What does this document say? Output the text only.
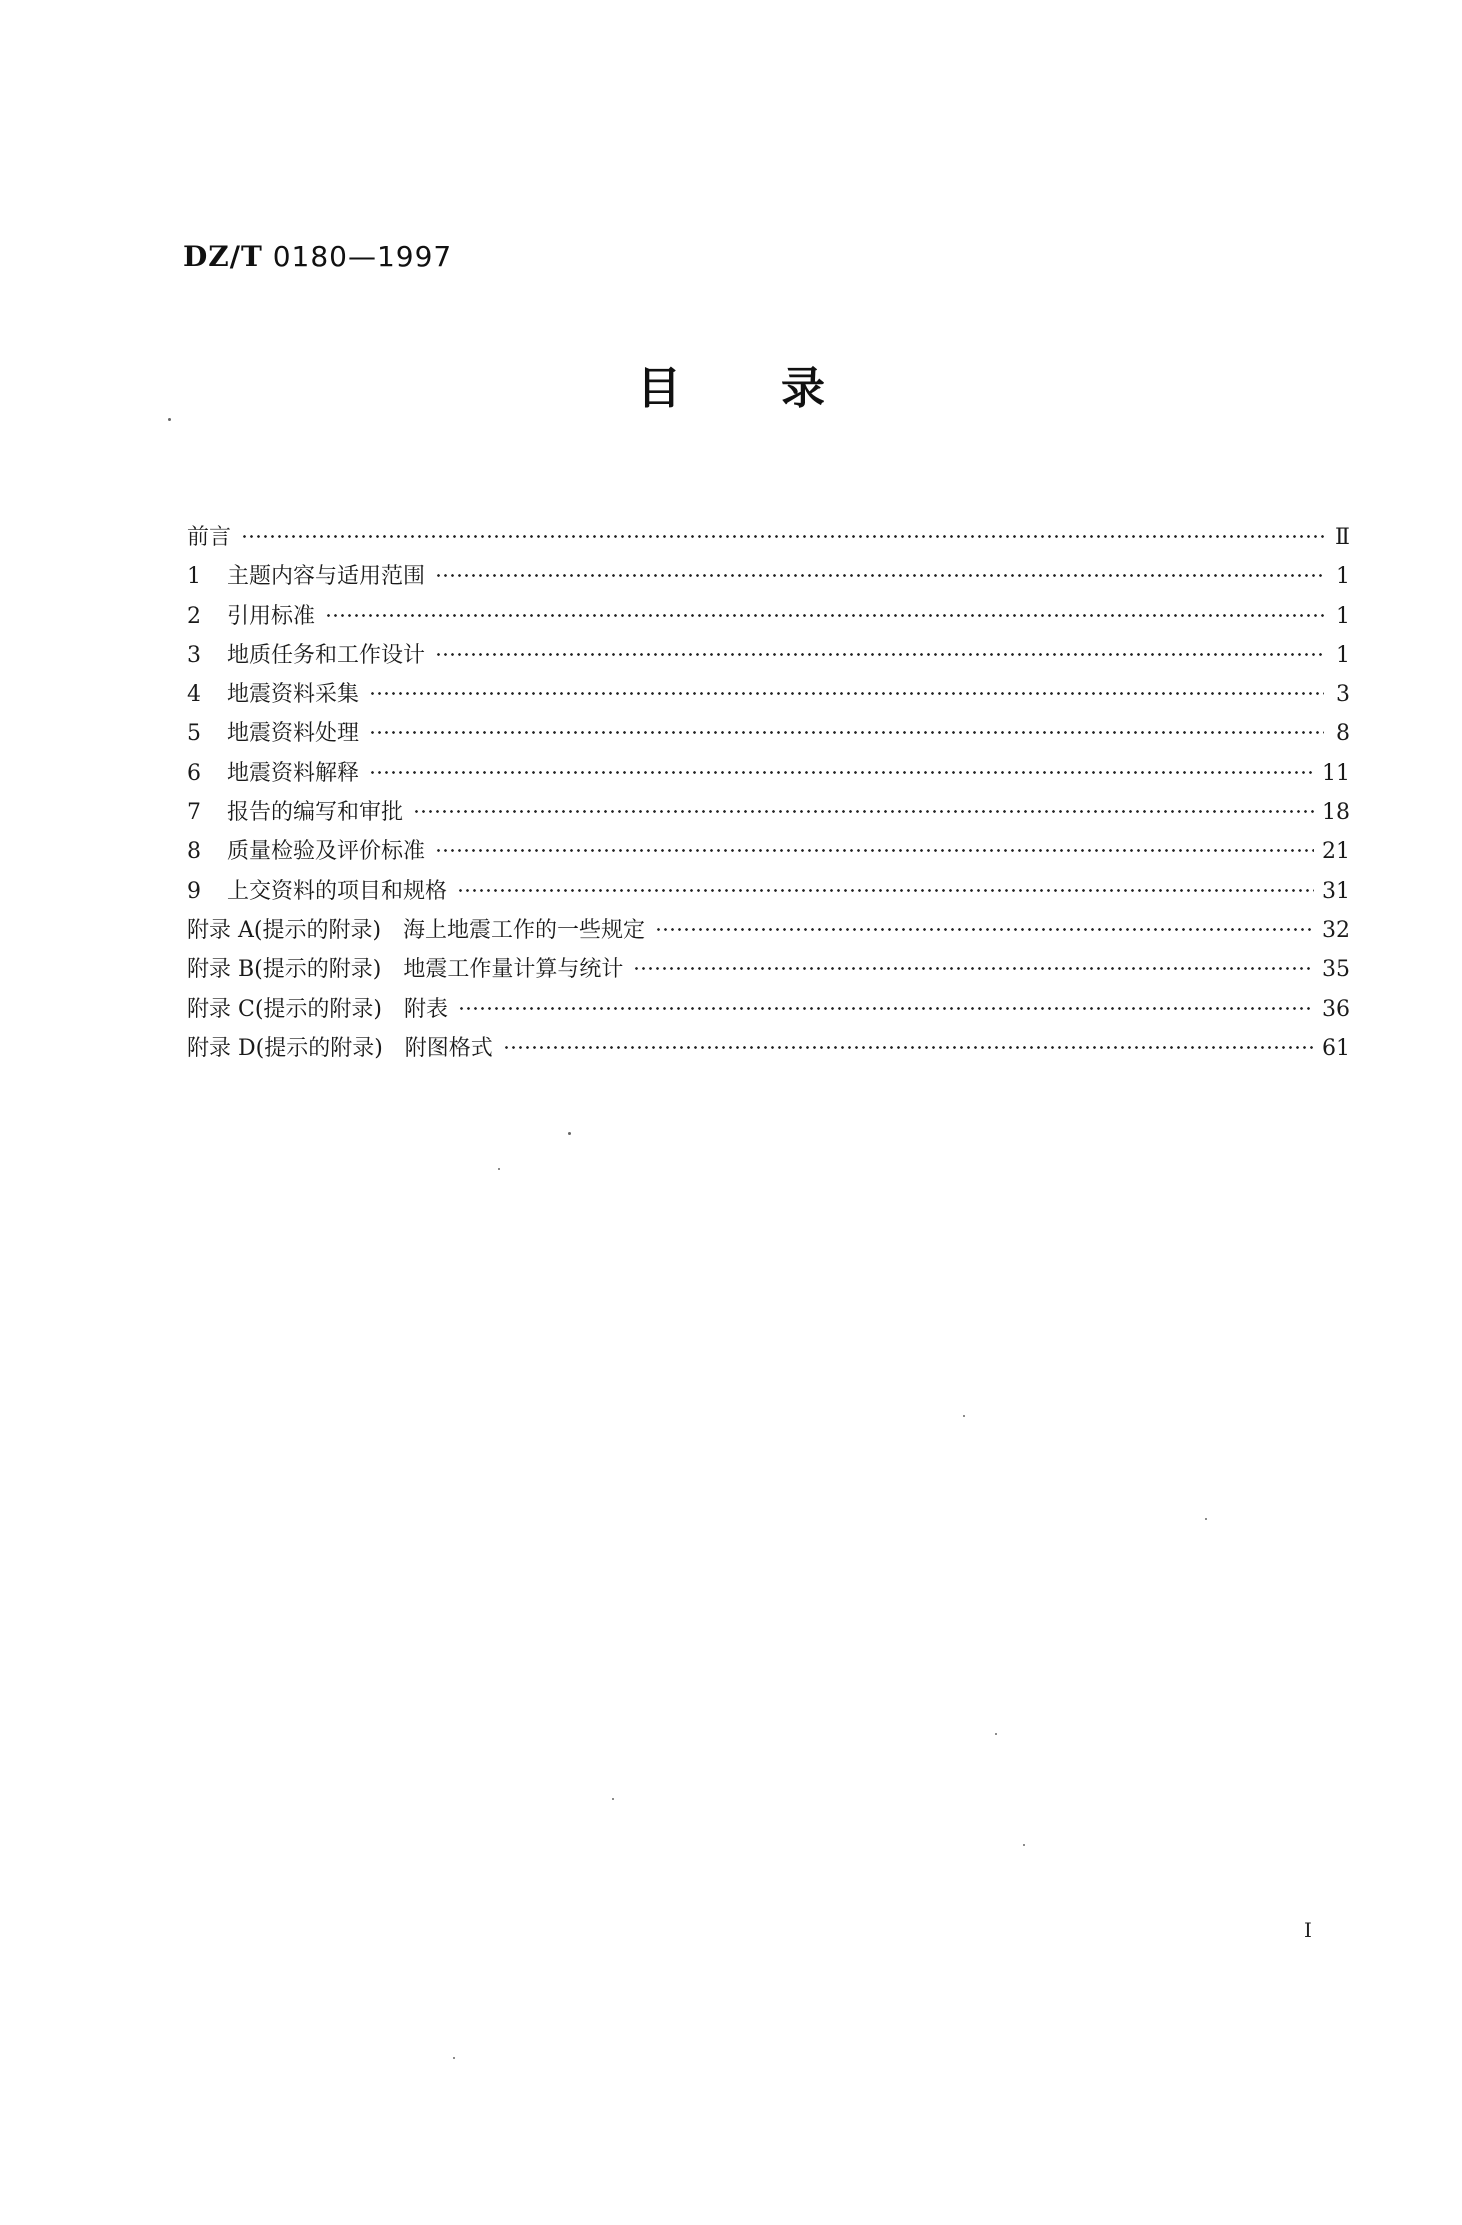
DZ/T 0180—1997
目 录
前言	Ⅱ
1	主题内容与适用范围	1
2	引用标准	1
3	地质任务和工作设计	1
4	地震资料采集	3
5	地震资料处理	8
6	地震资料解释	11
7	报告的编写和审批	18
8	质量检验及评价标准	21
9	上交资料的项目和规格	31
附录 A(提示的附录)　海上地震工作的一些规定	32
附录 B(提示的附录)　地震工作量计算与统计	35
附录 C(提示的附录)　附表	36
附录 D(提示的附录)　附图格式	61
I
